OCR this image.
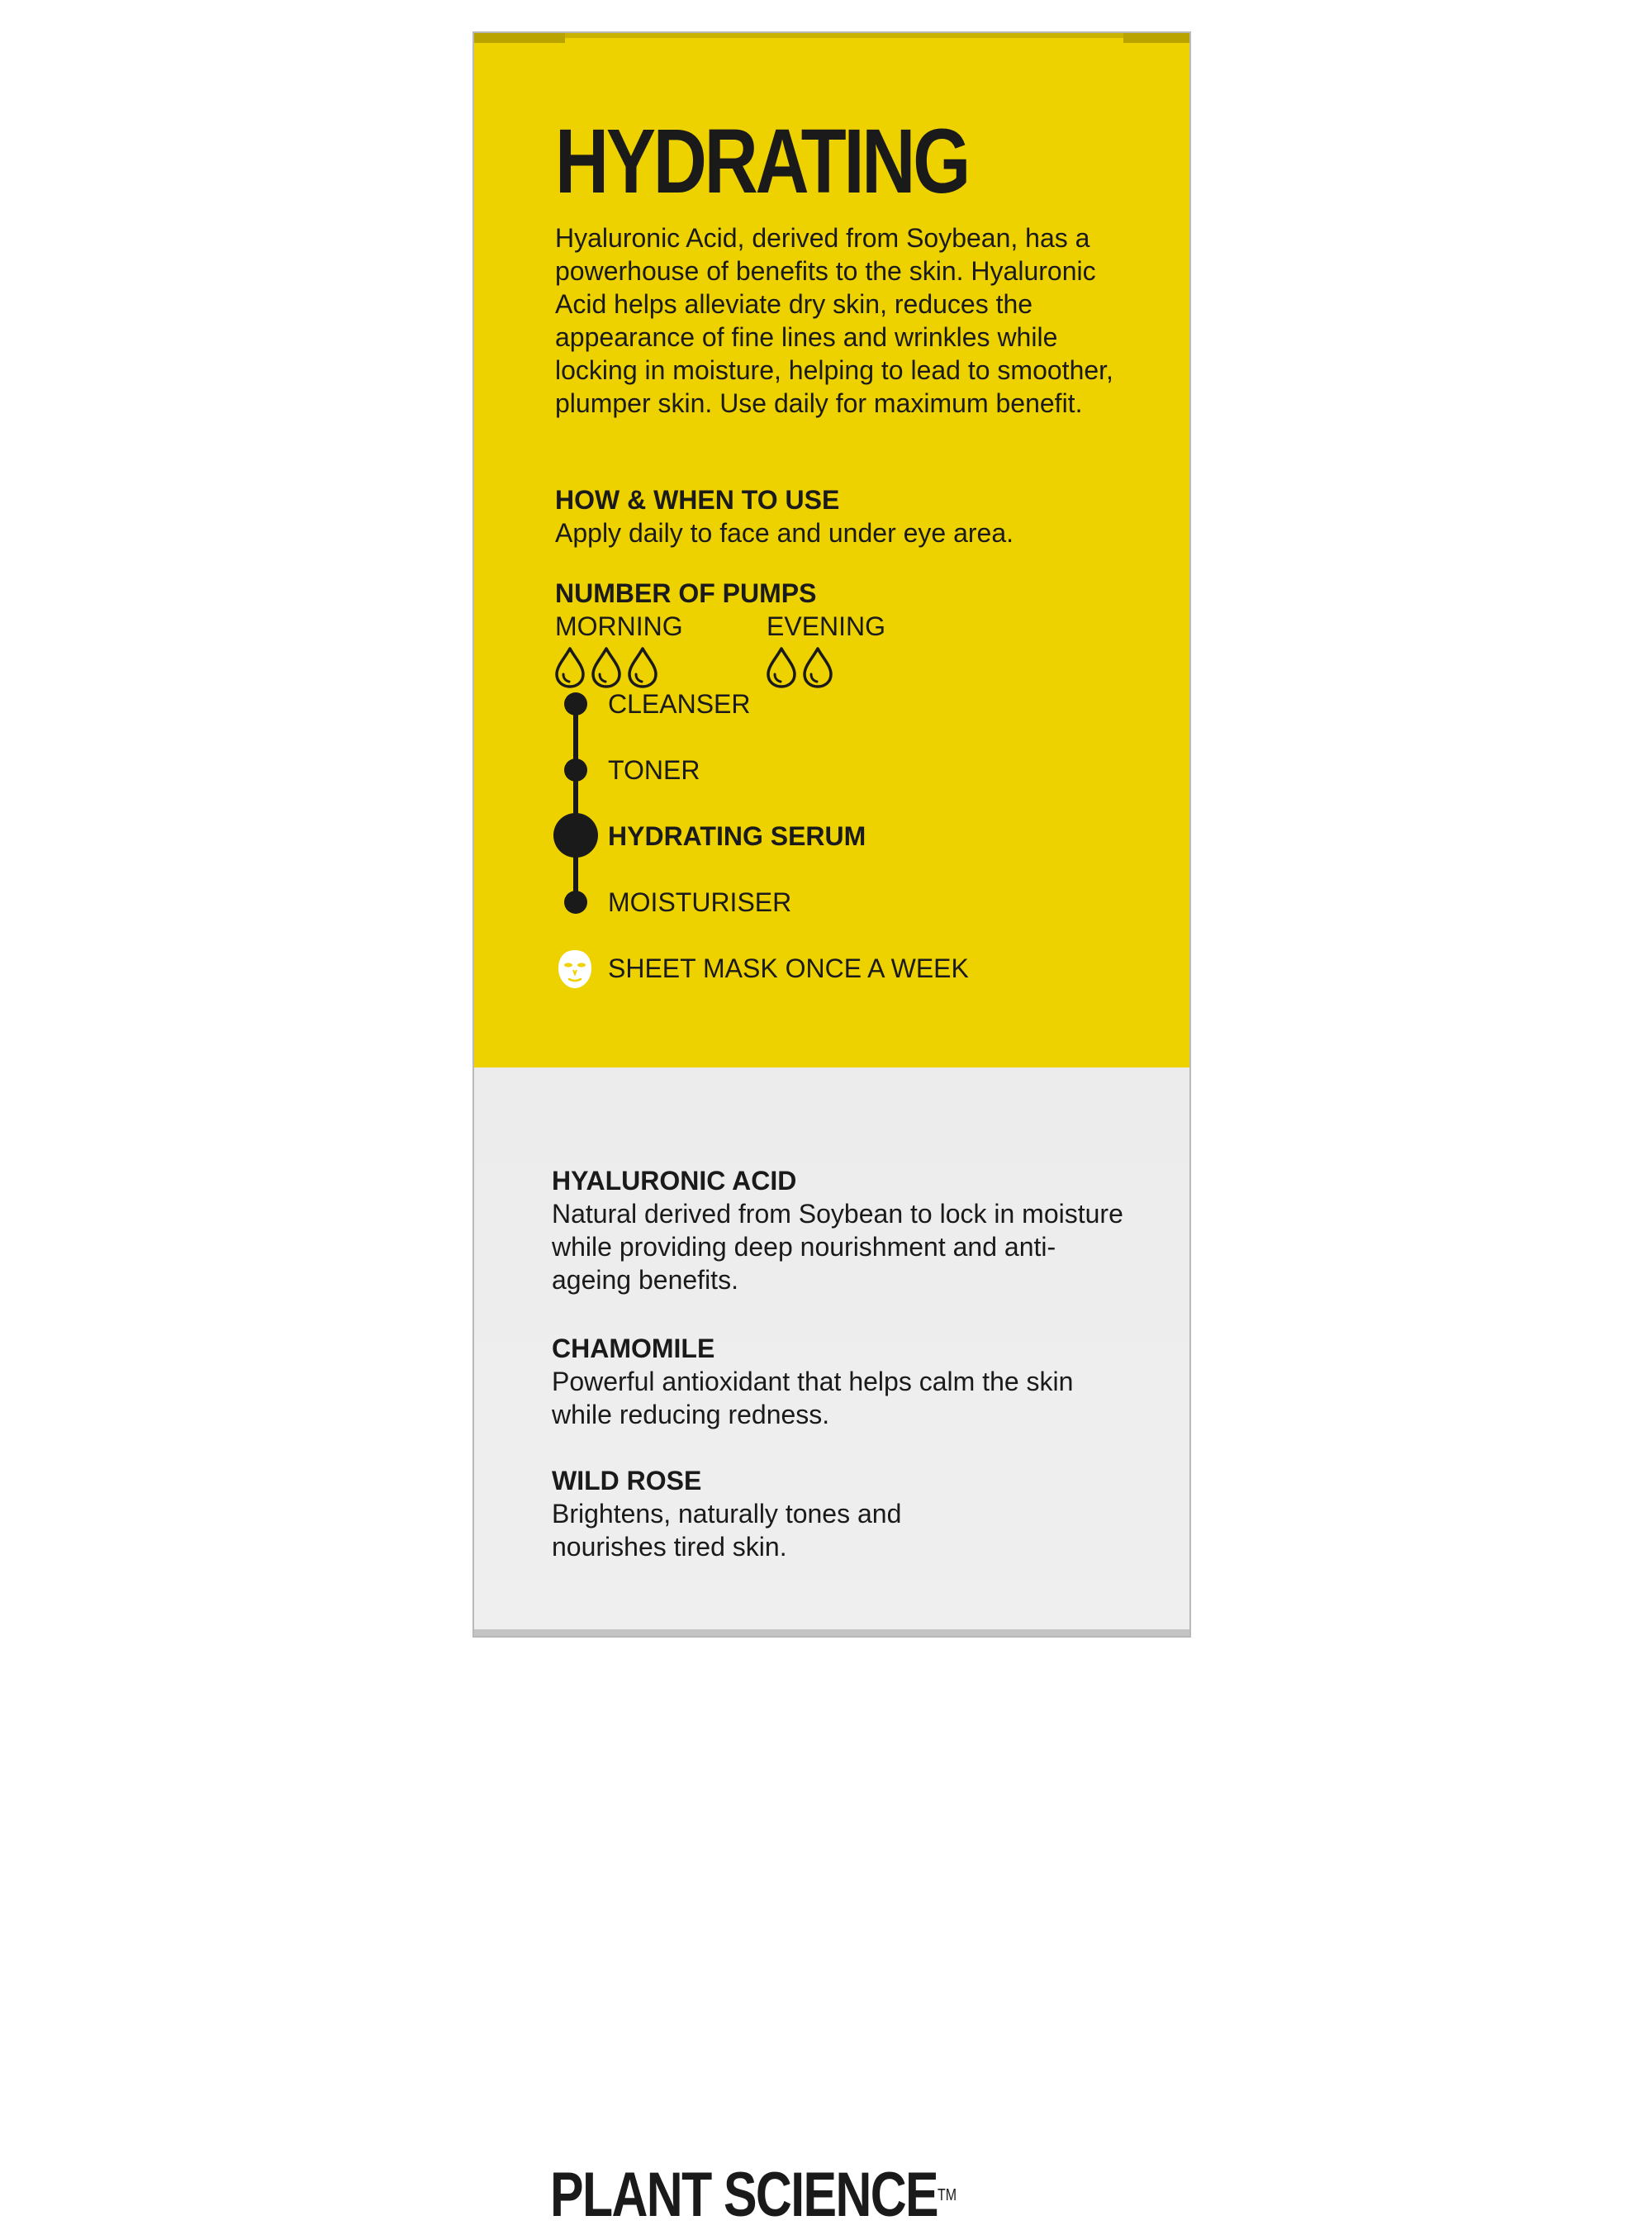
HYDRATING

Hyaluronic Acid, derived from Soybean, has a powerhouse of benefits to the skin. Hyaluronic Acid helps alleviate dry skin, reduces the appearance of fine lines and wrinkles while locking in moisture, helping to lead to smoother, plumper skin. Use daily for maximum benefit.

HOW & WHEN TO USE

Apply daily to face and under eye area.

NUMBER OF PUMPS

MORNING	EVENING

CLEANSER

TONER

HYDRATING SERUM

MOISTURISER

SHEET MASK ONCE A WEEK

PLANT SCIENCE™

HYALURONIC ACID

Natural derived from Soybean to lock in moisture while providing deep nourishment and anti-ageing benefits.

CHAMOMILE

Powerful antioxidant that helps calm the skin while reducing redness.

WILD ROSE

Brightens, naturally tones and nourishes tired skin.
